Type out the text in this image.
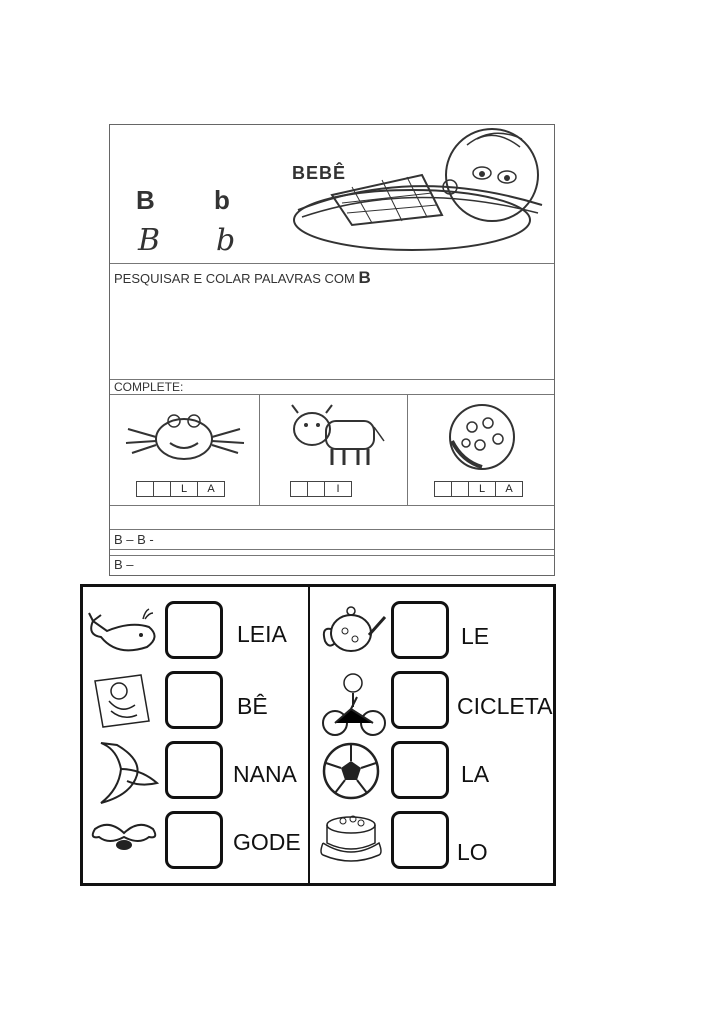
B b
B b
BEBÊ
PESQUISAR E COLAR PALAVRAS COM B
COMPLETE:
L	A	I	L	A
B – B -
B –
LEIA
BÊ
NANA
GODE
LE
CICLETA
LA
LO
